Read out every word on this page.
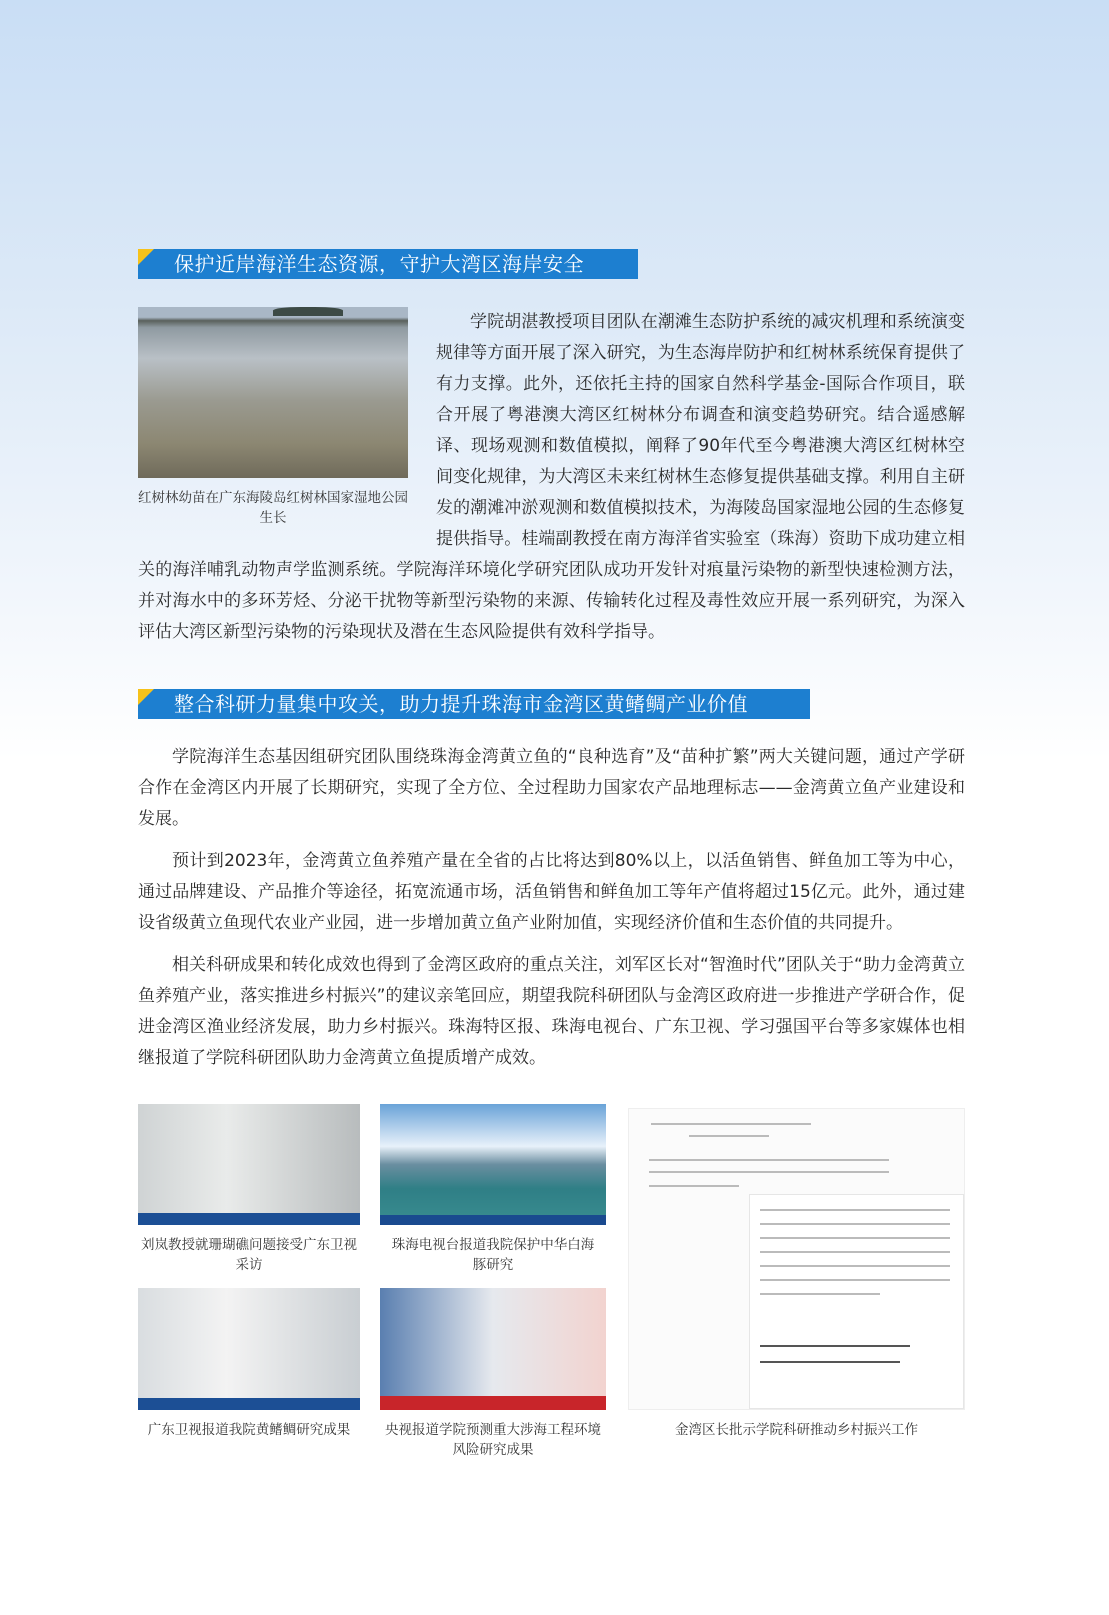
保护近岸海洋生态资源，守护大湾区海岸安全
红树林幼苗在广东海陵岛红树林国家湿地公园生长

学院胡湛教授项目团队在潮滩生态防护系统的减灾机理和系统演变规律等方面开展了深入研究，为生态海岸防护和红树林系统保育提供了有力支撑。此外，还依托主持的国家自然科学基金-国际合作项目，联合开展了粤港澳大湾区红树林分布调查和演变趋势研究。结合遥感解译、现场观测和数值模拟，阐释了90年代至今粤港澳大湾区红树林空间变化规律，为大湾区未来红树林生态修复提供基础支撑。利用自主研发的潮滩冲淤观测和数值模拟技术，为海陵岛国家湿地公园的生态修复提供指导。桂端副教授在南方海洋省实验室（珠海）资助下成功建立相关的海洋哺乳动物声学监测系统。学院海洋环境化学研究团队成功开发针对痕量污染物的新型快速检测方法，并对海水中的多环芳烃、分泌干扰物等新型污染物的来源、传输转化过程及毒性效应开展一系列研究，为深入评估大湾区新型污染物的污染现状及潜在生态风险提供有效科学指导。

整合科研力量集中攻关，助力提升珠海市金湾区黄鳍鲷产业价值

学院海洋生态基因组研究团队围绕珠海金湾黄立鱼的“良种选育”及“苗种扩繁”两大关键问题，通过产学研合作在金湾区内开展了长期研究，实现了全方位、全过程助力国家农产品地理标志——金湾黄立鱼产业建设和发展。

预计到2023年，金湾黄立鱼养殖产量在全省的占比将达到80%以上，以活鱼销售、鲜鱼加工等为中心，通过品牌建设、产品推介等途径，拓宽流通市场，活鱼销售和鲜鱼加工等年产值将超过15亿元。此外，通过建设省级黄立鱼现代农业产业园，进一步增加黄立鱼产业附加值，实现经济价值和生态价值的共同提升。

相关科研成果和转化成效也得到了金湾区政府的重点关注，刘军区长对“智渔时代”团队关于“助力金湾黄立鱼养殖产业，落实推进乡村振兴”的建议亲笔回应，期望我院科研团队与金湾区政府进一步推进产学研合作，促进金湾区渔业经济发展，助力乡村振兴。珠海特区报、珠海电视台、广东卫视、学习强国平台等多家媒体也相继报道了学院科研团队助力金湾黄立鱼提质增产成效。

刘岚教授就珊瑚礁问题接受广东卫视采访
珠海电视台报道我院保护中华白海豚研究
广东卫视报道我院黄鳍鲷研究成果	央视报道学院预测重大涉海工程环境风险研究成果
金湾区长批示学院科研推动乡村振兴工作
